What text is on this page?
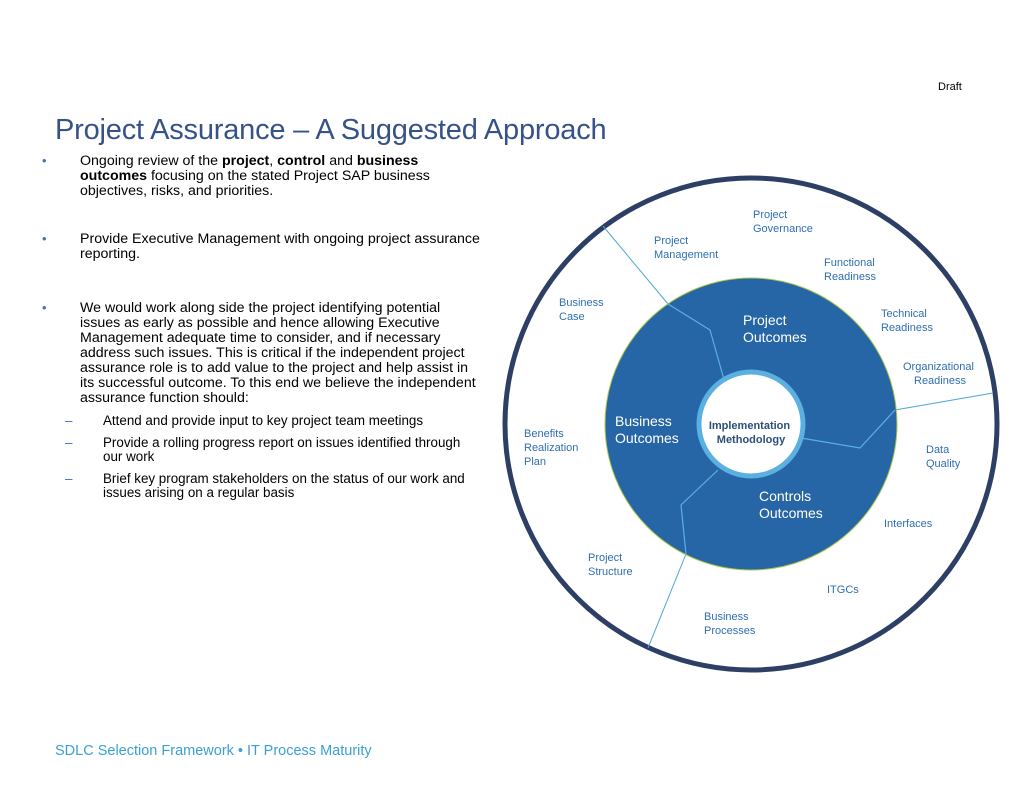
Draft
Project Assurance – A Suggested Approach
• Ongoing review of the project, control and business outcomes focusing on the stated Project SAP business objectives, risks, and priorities.
• Provide Executive Management with ongoing project assurance reporting.
• We would work along side the project identifying potential issues as early as possible and hence allowing Executive Management adequate time to consider, and if necessary address such issues. This is critical if the independent project assurance role is to add value to the project and help assist in its successful outcome. To this end we believe the independent assurance function should:
– Attend and provide input to key project team meetings
– Provide a rolling progress report on issues identified through our work
– Brief key program stakeholders on the status of our work and issues arising on a regular basis
Implementation Methodology
Project Outcomes
Business Outcomes
Controls Outcomes
Project Governance
Project Management
Functional Readiness
Technical Readiness
Organizational Readiness
Data Quality
Interfaces
ITGCs
Business Processes
Project Structure
Benefits Realization Plan
Business Case
SDLC Selection Framework • IT Process Maturity
